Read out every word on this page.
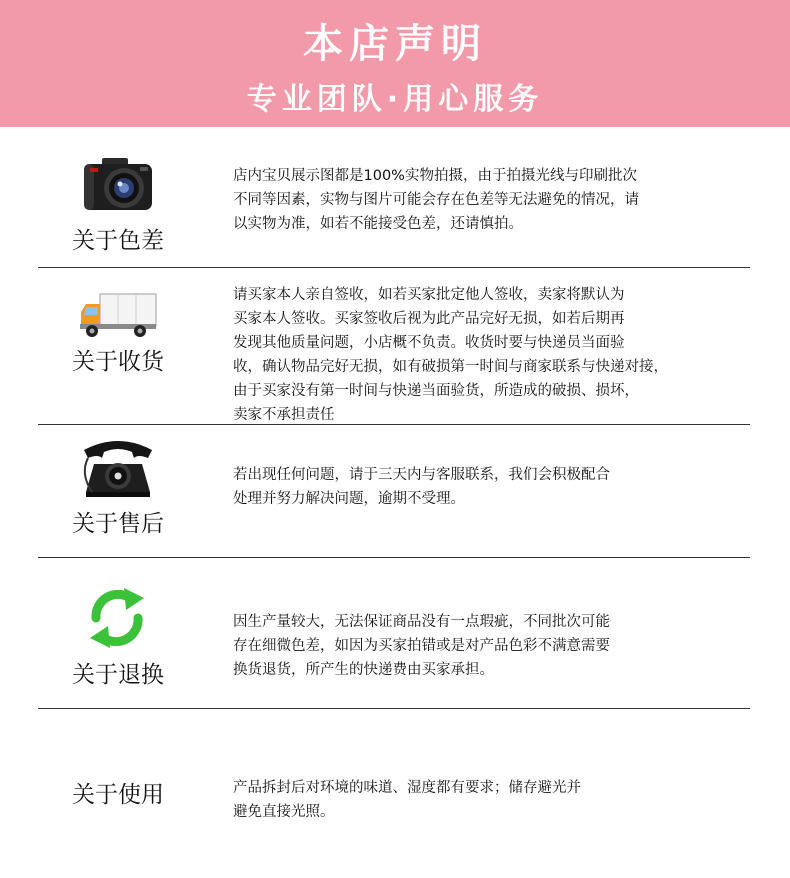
本店声明
专业团队·用心服务
关于色差
店内宝贝展示图都是100%实物拍摄，由于拍摄光线与印刷批次
不同等因素，实物与图片可能会存在色差等无法避免的情况，请
以实物为准，如若不能接受色差，还请慎拍。
关于收货
请买家本人亲自签收，如若买家批定他人签收，卖家将默认为
买家本人签收。买家签收后视为此产品完好无损，如若后期再
发现其他质量问题，小店概不负责。收货时要与快递员当面验
收，确认物品完好无损，如有破损第一时间与商家联系与快递对接，
由于买家没有第一时间与快递当面验货，所造成的破损、损坏，
卖家不承担责任
关于售后
若出现任何问题，请于三天内与客服联系，我们会积极配合
处理并努力解决问题，逾期不受理。
关于退换
因生产量较大，无法保证商品没有一点瑕疵，不同批次可能
存在细微色差，如因为买家拍错或是对产品色彩不满意需要
换货退货，所产生的快递费由买家承担。
关于使用	产品拆封后对环境的味道、湿度都有要求；储存避光并
避免直接光照。
